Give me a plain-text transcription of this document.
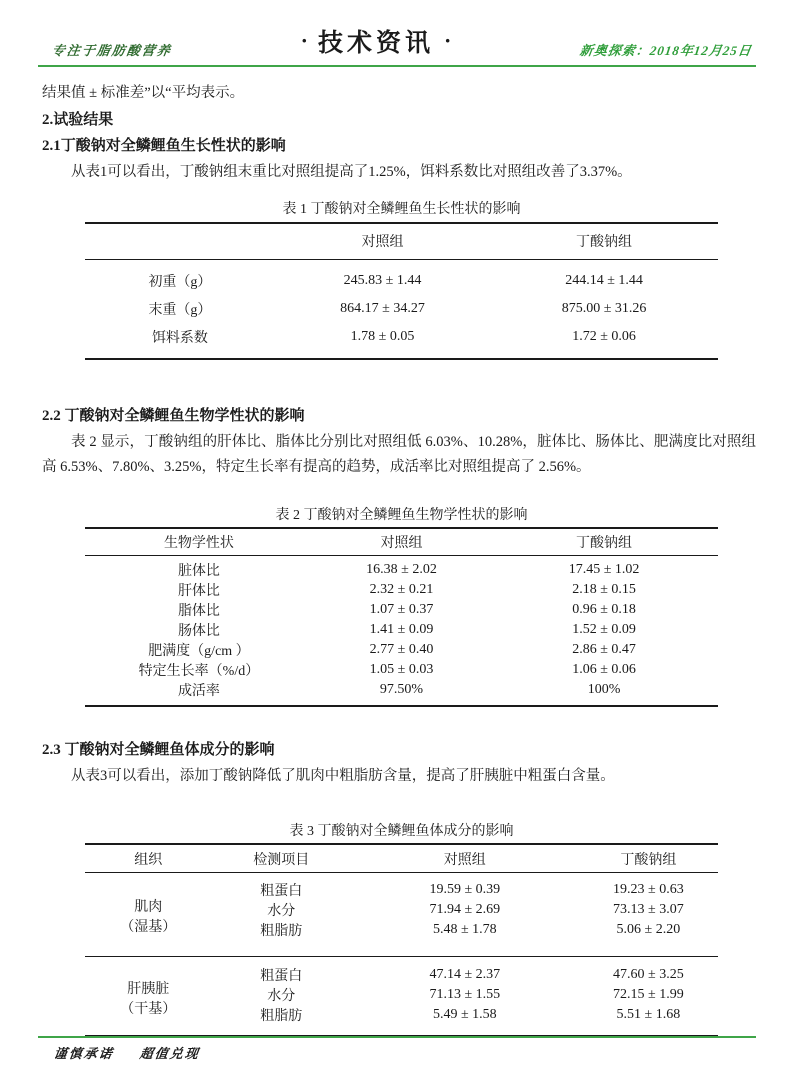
专注于脂肪酸营养	· 技术资讯 ·	新奥探索：2018年12月25日

结果值 ± 标准差”以“平均表示。

2.试验结果

2.1丁酸钠对全鳞鲤鱼生长性状的影响

从表1可以看出，丁酸钠组末重比对照组提高了1.25%，饵料系数比对照组改善了3.37%。

表 1 丁酸钠对全鳞鲤鱼生长性状的影响
	对照组	丁酸钠组
初重（g）	245.83 ± 1.44	244.14 ± 1.44
末重（g）	864.17 ± 34.27	875.00 ± 31.26
饵料系数	1.78 ± 0.05	1.72 ± 0.06

2.2 丁酸钠对全鳞鲤鱼生物学性状的影响

表 2 显示，丁酸钠组的肝体比、脂体比分别比对照组低 6.03%、10.28%，脏体比、肠体比、肥满度比对照组高 6.53%、7.80%、3.25%，特定生长率有提高的趋势，成活率比对照组提高了 2.56%。

表 2 丁酸钠对全鳞鲤鱼生物学性状的影响
生物学性状	对照组	丁酸钠组
脏体比	16.38 ± 2.02	17.45 ± 1.02
肝体比	2.32 ± 0.21	2.18 ± 0.15
脂体比	1.07 ± 0.37	0.96 ± 0.18
肠体比	1.41 ± 0.09	1.52 ± 0.09
肥满度（g/cm ）	2.77 ± 0.40	2.86 ± 0.47
特定生长率（%/d）	1.05 ± 0.03	1.06 ± 0.06
成活率	97.50%	100%

2.3 丁酸钠对全鳞鲤鱼体成分的影响

从表3可以看出，添加丁酸钠降低了肌肉中粗脂肪含量，提高了肝胰脏中粗蛋白含量。

表 3 丁酸钠对全鳞鲤鱼体成分的影响
组织	检测项目	对照组	丁酸钠组
肌肉
（湿基）	粗蛋白	19.59 ± 0.39	19.23 ± 0.63
	水分	71.94 ± 2.69	73.13 ± 3.07
	粗脂肪	5.48 ± 1.78	5.06 ± 2.20
肝胰脏
（干基）	粗蛋白	47.14 ± 2.37	47.60 ± 3.25
	水分	71.13 ± 1.55	72.15 ± 1.99
	粗脂肪	5.49 ± 1.58	5.51 ± 1.68
谨慎承诺 超值兑现
